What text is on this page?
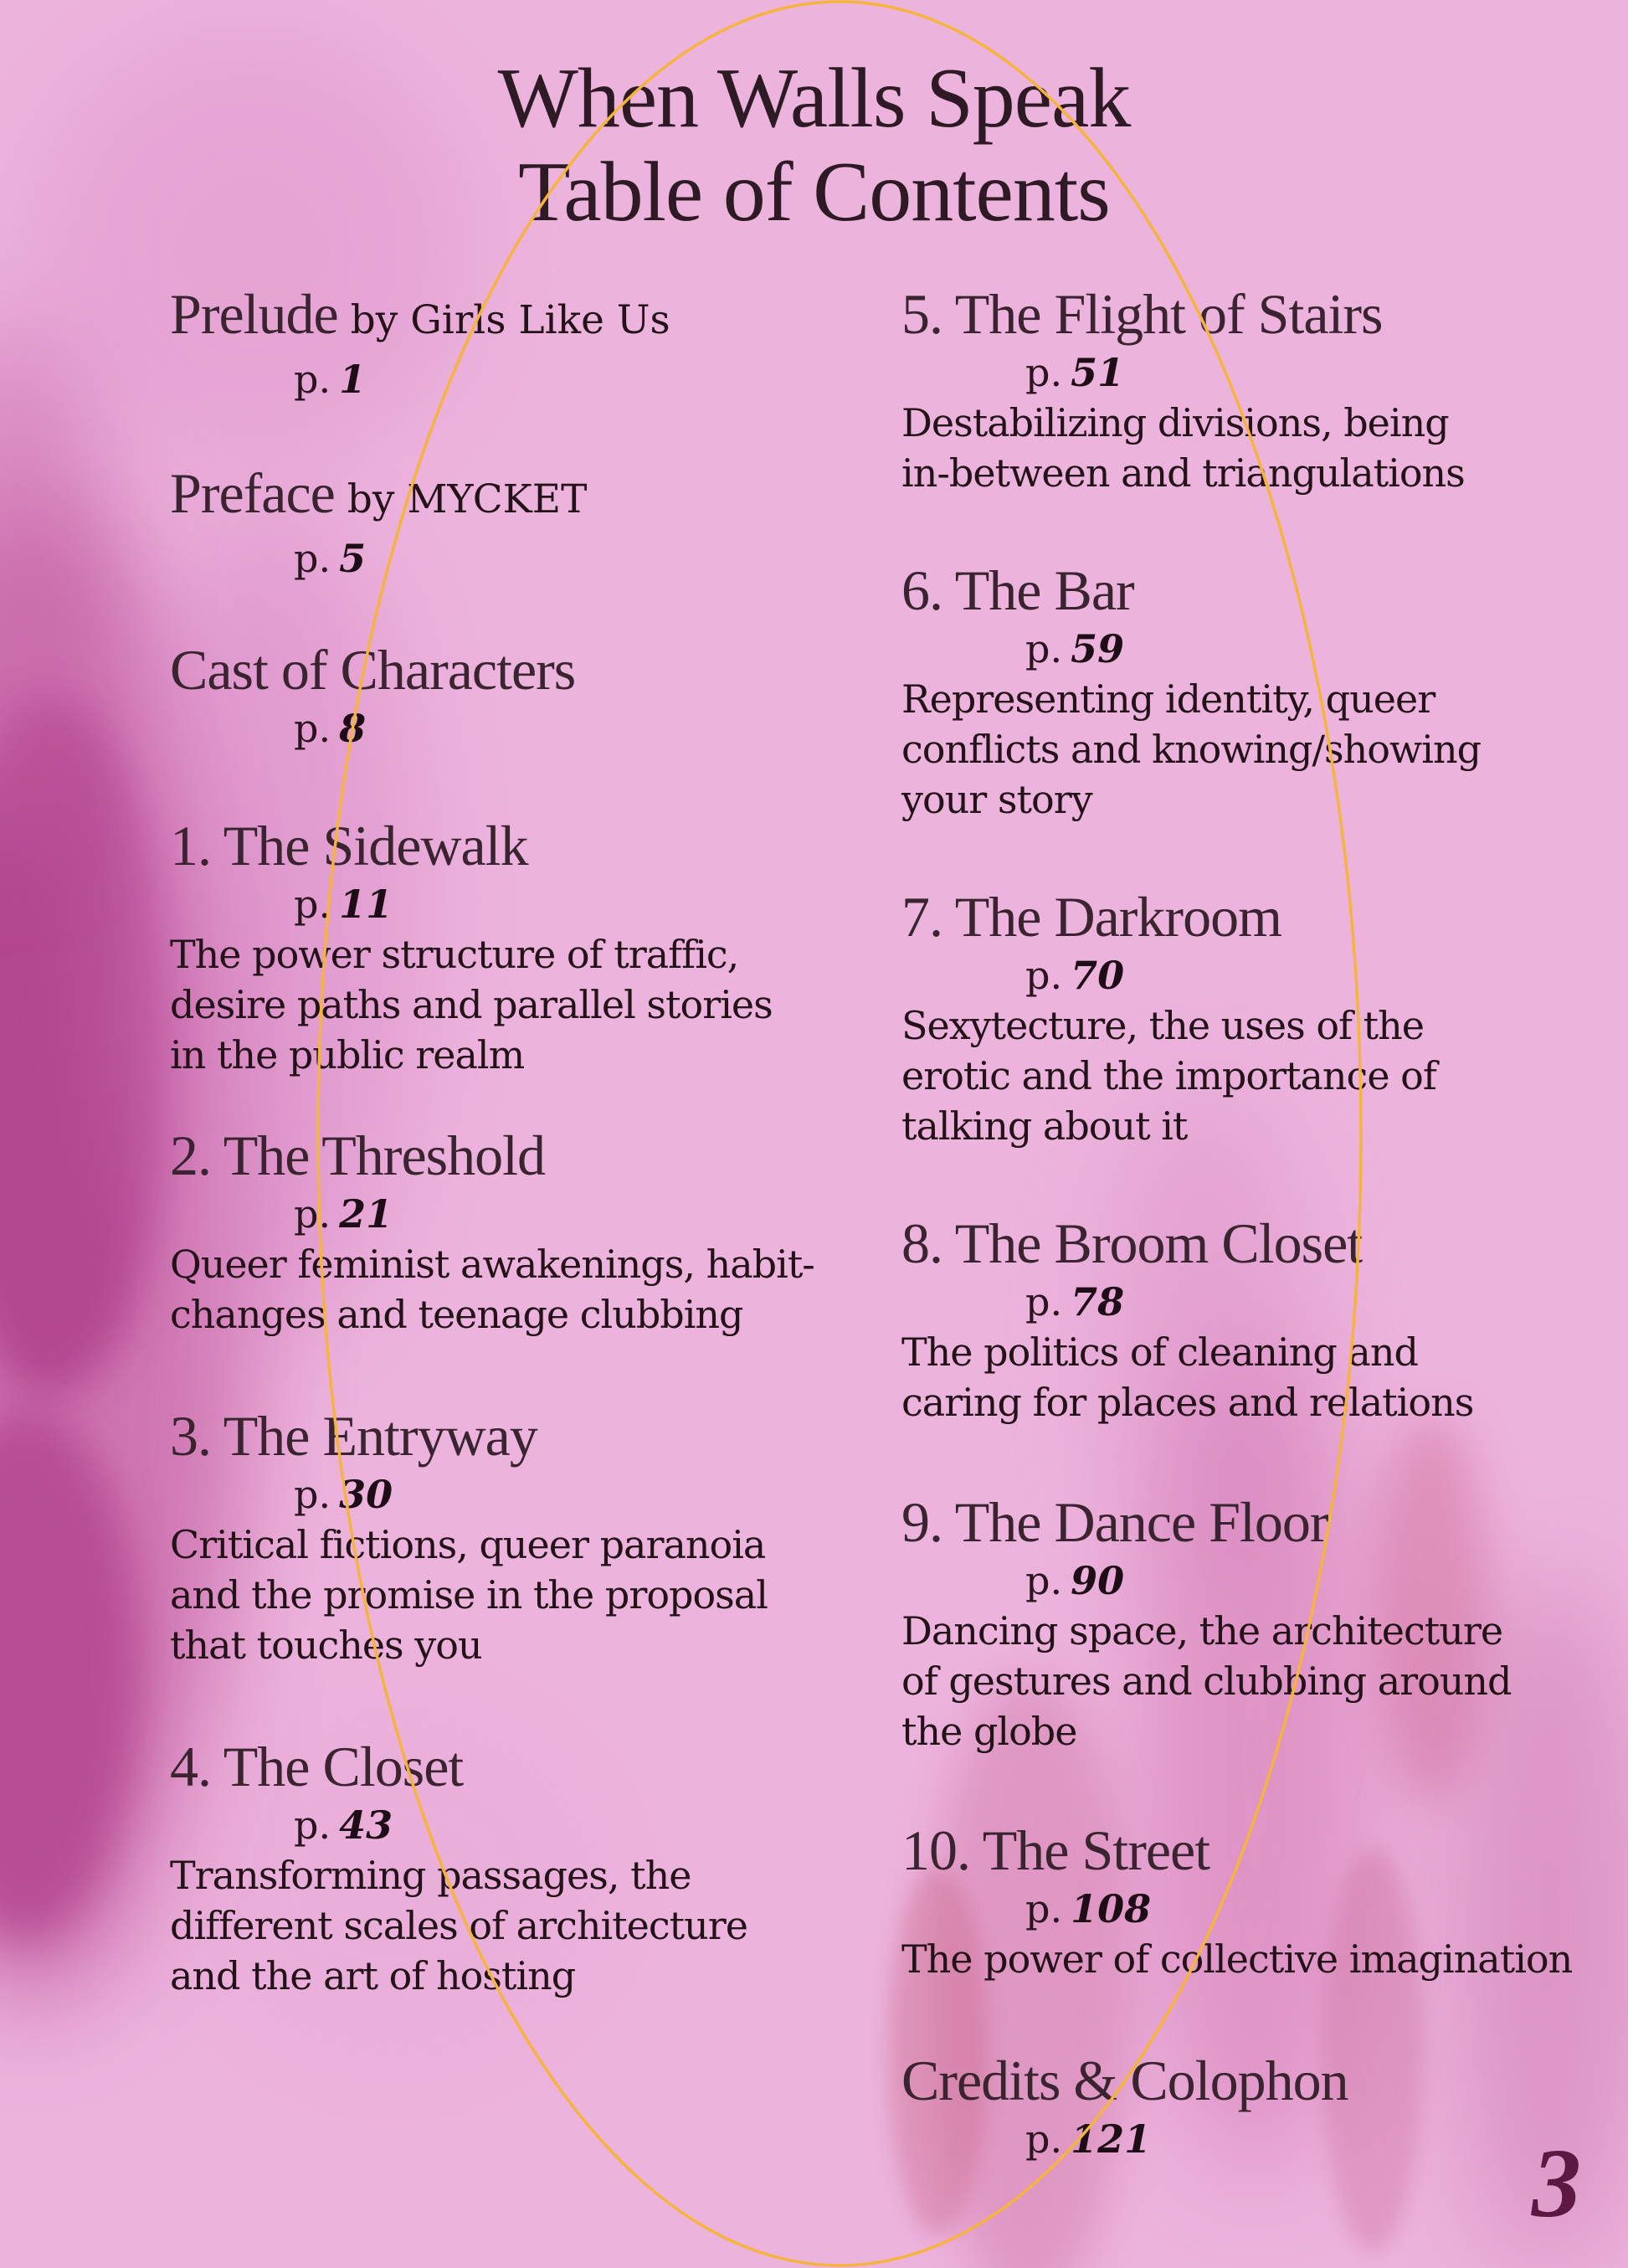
When Walls Speak
Table of Contents
Prelude by Girls Like Us
p. 1
Preface by MYCKET
p. 5
Cast of Characters
p. 8
1. The Sidewalk
p. 11
The power structure of traffic,
desire paths and parallel stories
in the public realm
2. The Threshold
p. 21
Queer feminist awakenings, habit-
changes and teenage clubbing
3. The Entryway
p. 30
Critical fictions, queer paranoia
and the promise in the proposal
that touches you
4. The Closet
p. 43
Transforming passages, the
different scales of architecture
and the art of hosting
5. The Flight of Stairs
p. 51
Destabilizing divisions, being
in-between and triangulations
6. The Bar
p. 59
Representing identity, queer
conflicts and knowing/showing
your story
7. The Darkroom
p. 70
Sexytecture, the uses of the
erotic and the importance of
talking about it
8. The Broom Closet
p. 78
The politics of cleaning and
caring for places and relations
9. The Dance Floor
p. 90
Dancing space, the architecture
of gestures and clubbing around
the globe
10. The Street
p. 108
The power of collective imagination
Credits & Colophon
p. 121	3
